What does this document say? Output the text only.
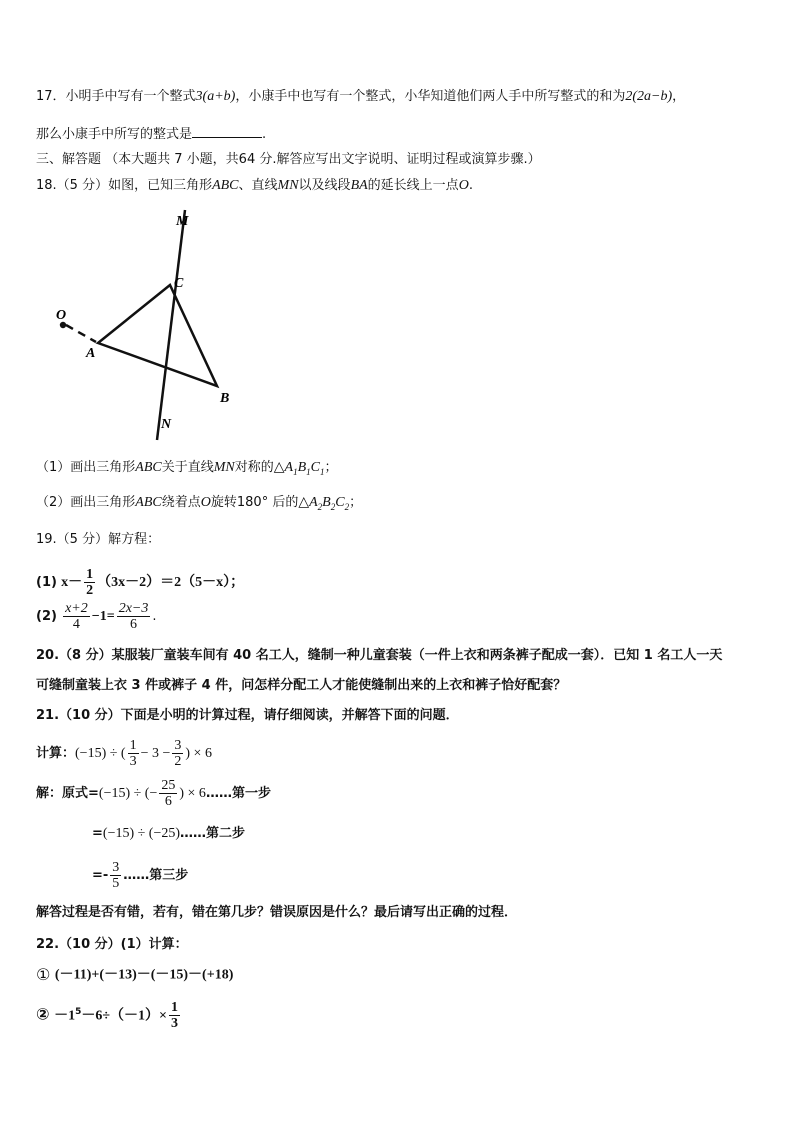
17．小明手中写有一个整式3(a+b)，小康手中也写有一个整式，小华知道他们两人手中所写整式的和为2(2a−b)，
那么小康手中所写的整式是	.
三、解答题 （本大题共 7 小题，共64 分.解答应写出文字说明、证明过程或演算步骤.）
18.（5 分）如图，已知三角形ABC、直线MN以及线段BA的延长线上一点O.
M
C
O
A
B
N
（1）画出三角形ABC关于直线MN对称的$\triangle A_1B_1C_1$；
（2）画出三角形ABC绕着点O旋转180° 后的$\triangle A_2B_2C_2$；
19.（5 分）解方程：
(1) $x- \frac{1}{2} (3x-2)=2(5-x)$；
$(2) \frac{x+2}{4} -1= \frac{2x-3}{6}$ .
20.（8 分）某服装厂童装车间有 40 名工人，缝制一种儿童套装（一件上衣和两条裤子配成一套）．已知 1 名工人一天
可缝制童装上衣 3 件或裤子 4 件，问怎样分配工人才能使缝制出来的上衣和裤子恰好配套？
21.（10 分）下面是小明的计算过程，请仔细阅读，并解答下面的问题．
计算：(−15) ÷ ( $\frac{1}{3} - 3 - \frac{3}{2}$ ) × 6
解：原式=(−15) ÷ (− $\frac{25}{6}$ ) × 6……第一步
=(−15) ÷ (−25)……第二步
=- $\frac{3}{5}$ ……第三步
解答过程是否有错，若有，错在第几步？错误原因是什么？最后请写出正确的过程．
22.（10 分）(1）计算：
① (－11)+(－13)－(－15)－(+18)
② $-1^5-6\div(-1)\times \frac{1}{3}$
